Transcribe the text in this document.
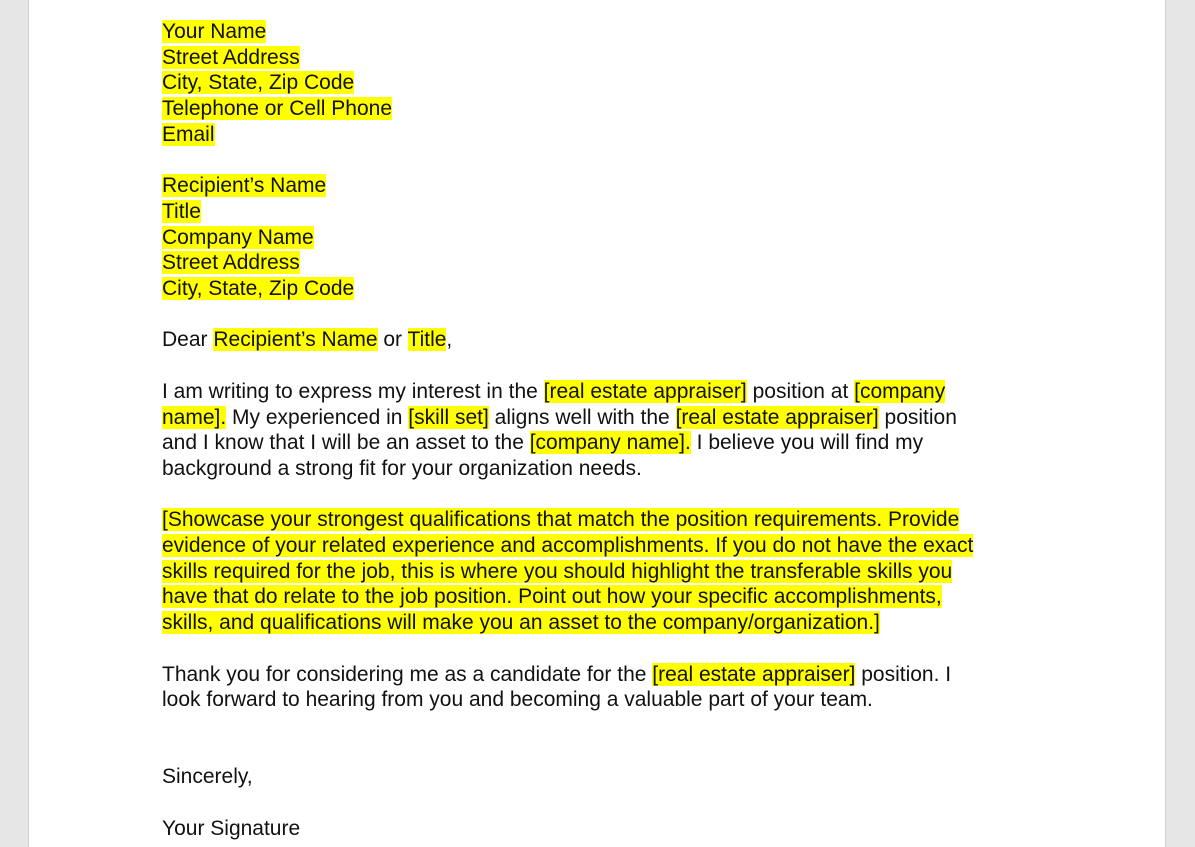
Your Name
Street Address
City, State, Zip Code
Telephone or Cell Phone
Email
Recipient’s Name
Title
Company Name
Street Address
City, State, Zip Code
Dear Recipient’s Name or Title,
I am writing to express my interest in the [real estate appraiser] position at [company
name]. My experienced in [skill set] aligns well with the [real estate appraiser] position
and I know that I will be an asset to the [company name]. I believe you will find my
background a strong fit for your organization needs.
[Showcase your strongest qualifications that match the position requirements. Provide
evidence of your related experience and accomplishments. If you do not have the exact
skills required for the job, this is where you should highlight the transferable skills you
have that do relate to the job position. Point out how your specific accomplishments,
skills, and qualifications will make you an asset to the company/organization.]
Thank you for considering me as a candidate for the [real estate appraiser] position. I
look forward to hearing from you and becoming a valuable part of your team.
Sincerely,
Your Signature
